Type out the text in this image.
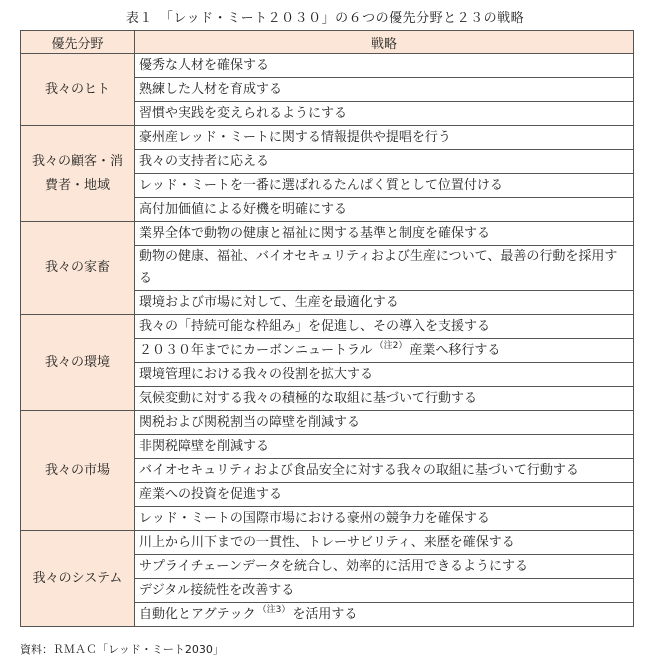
表１　「レッド・ミート２０３０」の６つの優先分野と２３の戦略
優先分野	戦略
我々のヒト	優秀な人材を確保する
	熟練した人材を育成する
	習慣や実践を変えられるようにする
我々の顧客・消
費者・地域	豪州産レッド・ミートに関する情報提供や提唱を行う
	我々の支持者に応える
	レッド・ミートを一番に選ばれるたんぱく質として位置付ける
	高付加価値による好機を明確にする
我々の家畜	業界全体で動物の健康と福祉に関する基準と制度を確保する
	動物の健康、福祉、バイオセキュリティおよび生産について、最善の行動を採用する
	環境および市場に対して、生産を最適化する
我々の環境	我々の「持続可能な枠組み」を促進し、その導入を支援する
	２０３０年までにカーボンニュートラル $^{(注2)}$ 産業へ移行する
	環境管理における我々の役割を拡大する
	気候変動に対する我々の積極的な取組に基づいて行動する
我々の市場	関税および関税割当の障壁を削減する
	非関税障壁を削減する
	バイオセキュリティおよび食品安全に対する我々の取組に基づいて行動する
	産業への投資を促進する
	レッド・ミートの国際市場における豪州の競争力を確保する
我々のシステム	川上から川下までの一貫性、トレーサビリティ、来歴を確保する
	サプライチェーンデータを統合し、効率的に活用できるようにする
	デジタル接続性を改善する
	自動化とアグテック $^{(注3)}$ を活用する
資料：ＲＭＡＣ「レッド・ミート2030」
